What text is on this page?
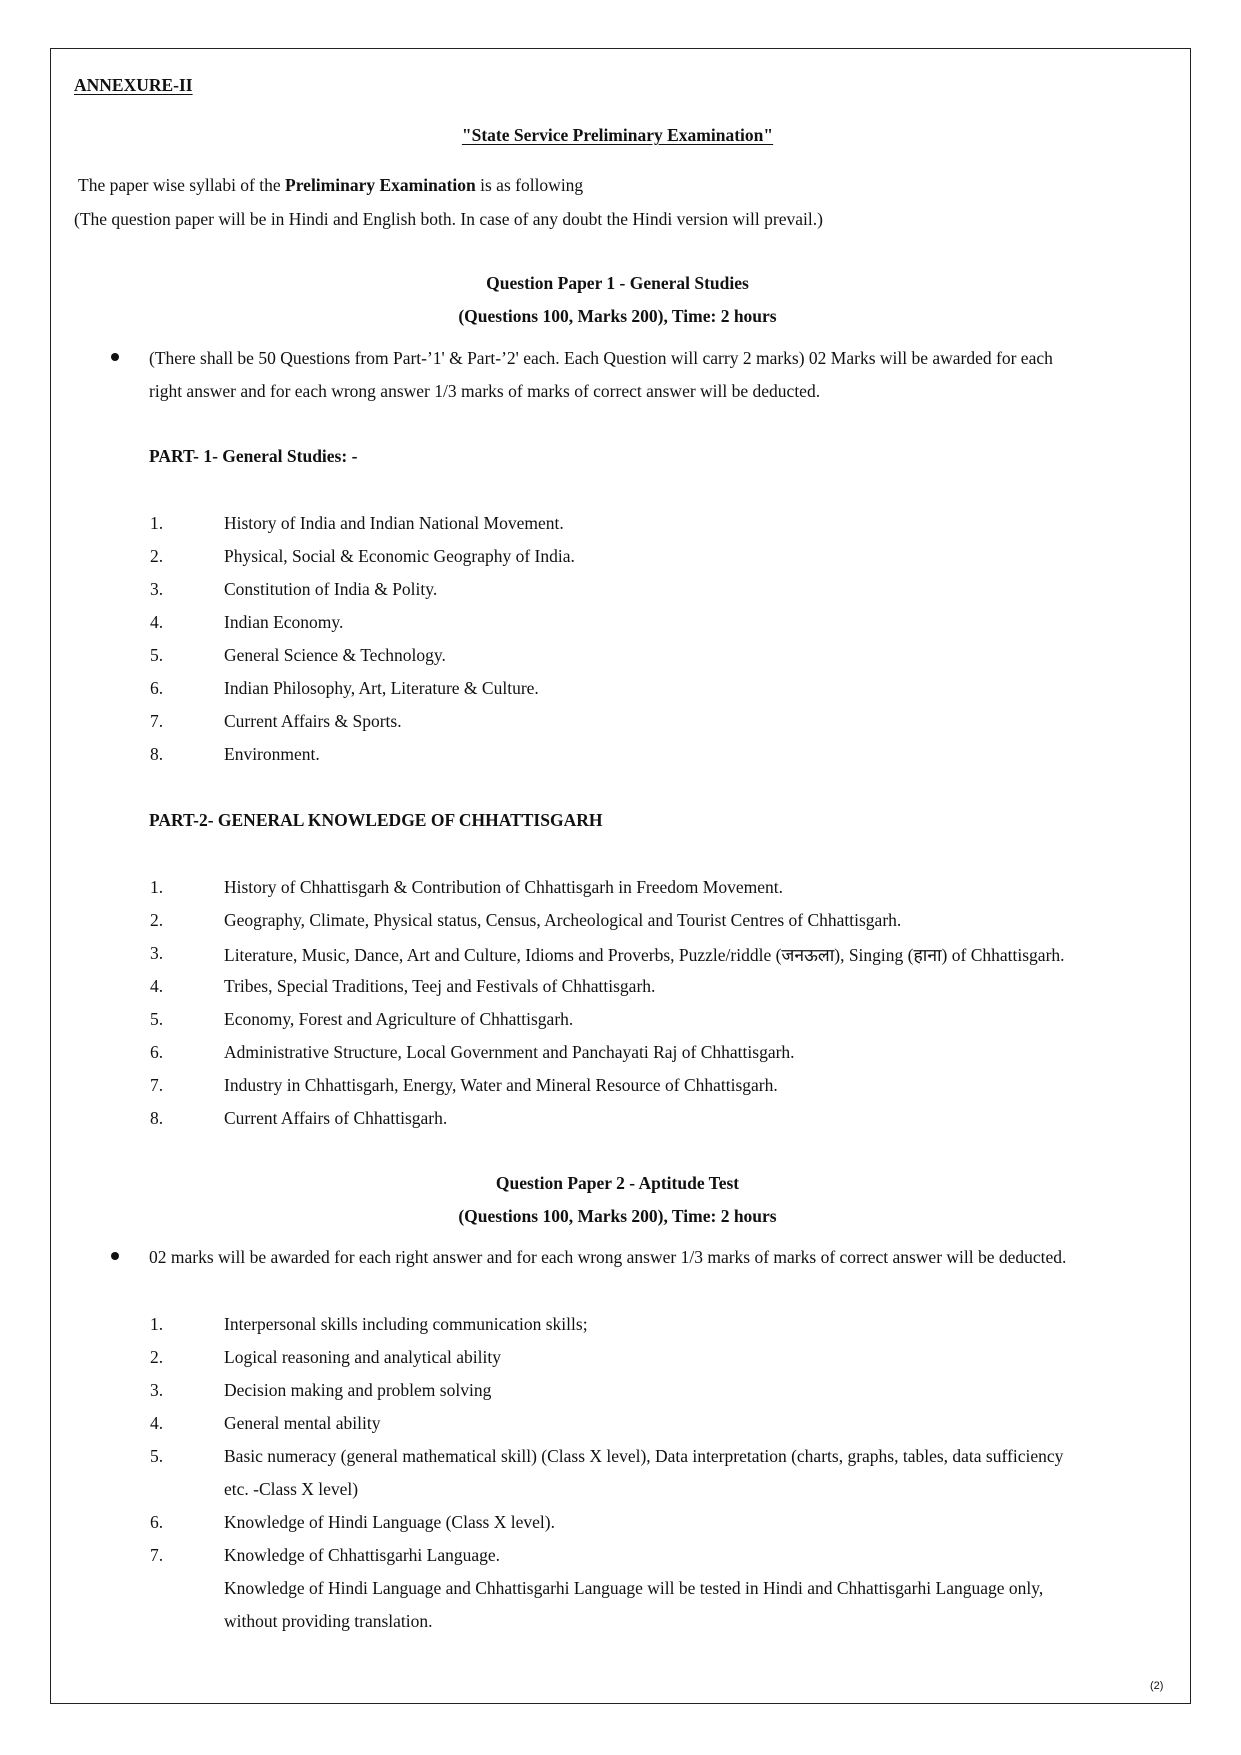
ANNEXURE-II
"State Service Preliminary Examination"
The paper wise syllabi of the Preliminary Examination is as following
(The question paper will be in Hindi and English both. In case of any doubt the Hindi version will prevail.)
Question Paper 1 - General Studies
(Questions 100, Marks 200), Time: 2 hours
(There shall be 50 Questions from Part-’1' & Part-’2' each. Each Question will carry 2 marks) 02 Marks will be awarded for each
right answer and for each wrong answer 1/3 marks of marks of correct answer will be deducted.
PART- 1- General Studies: -
1.	History of India and Indian National Movement.
2.	Physical, Social & Economic Geography of India.
3.	Constitution of India & Polity.
4.	Indian Economy.
5.	General Science & Technology.
6.	Indian Philosophy, Art, Literature & Culture.
7.	Current Affairs & Sports.
8.	Environment.
PART-2- GENERAL KNOWLEDGE OF CHHATTISGARH
1.	History of Chhattisgarh & Contribution of Chhattisgarh in Freedom Movement.
2.	Geography, Climate, Physical status, Census, Archeological and Tourist Centres of Chhattisgarh.
3.	Literature, Music, Dance, Art and Culture, Idioms and Proverbs, Puzzle/riddle (जनऊला), Singing (हाना) of Chhattisgarh.
4.	Tribes, Special Traditions, Teej and Festivals of Chhattisgarh.
5.	Economy, Forest and Agriculture of Chhattisgarh.
6.	Administrative Structure, Local Government and Panchayati Raj of Chhattisgarh.
7.	Industry in Chhattisgarh, Energy, Water and Mineral Resource of Chhattisgarh.
8.	Current Affairs of Chhattisgarh.
Question Paper 2 - Aptitude Test
(Questions 100, Marks 200), Time: 2 hours
02 marks will be awarded for each right answer and for each wrong answer 1/3 marks of marks of correct answer will be deducted.
1.	Interpersonal skills including communication skills;
2.	Logical reasoning and analytical ability
3.	Decision making and problem solving
4.	General mental ability
5.	Basic numeracy (general mathematical skill) (Class X level), Data interpretation (charts, graphs, tables, data sufficiency
etc. -Class X level)
6.	Knowledge of Hindi Language (Class X level).
7.	Knowledge of Chhattisgarhi Language.
Knowledge of Hindi Language and Chhattisgarhi Language will be tested in Hindi and Chhattisgarhi Language only,
without providing translation.
(2)
